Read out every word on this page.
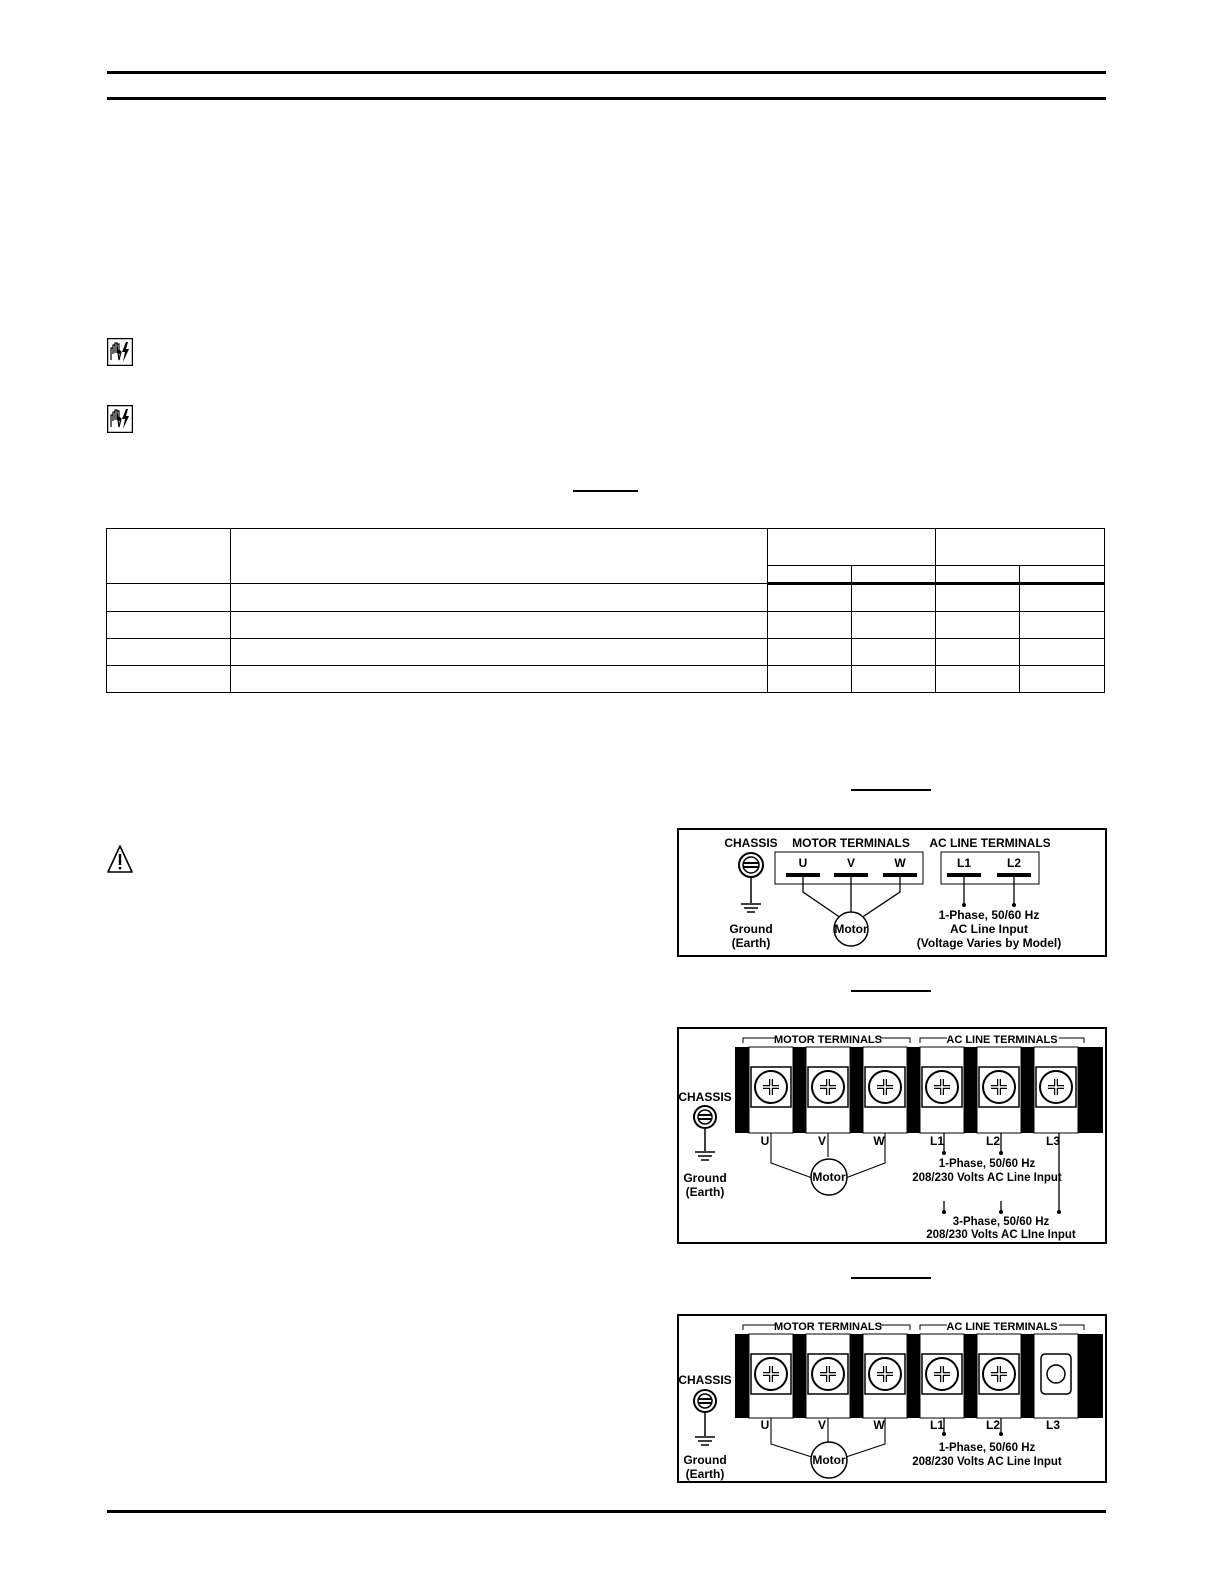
CHASSIS
Ground
(Earth)
MOTOR TERMINALS
U	V	W
Motor
AC LINE TERMINALS
L1	L2
1-Phase, 50/60 Hz
AC Line Input
(Voltage Varies by Model)
MOTOR TERMINALS	AC LINE TERMINALS
CHASSIS
Ground
(Earth)
U	V	W	L1	L2	L3
Motor
1-Phase, 50/60 Hz
208/230 Volts AC Line Input
3-Phase, 50/60 Hz
208/230 Volts AC LIne Input
MOTOR TERMINALS	AC LINE TERMINALS
CHASSIS
Ground
(Earth)
U	V	W	L1	L2	L3
Motor
1-Phase, 50/60 Hz
208/230 Volts AC Line Input
